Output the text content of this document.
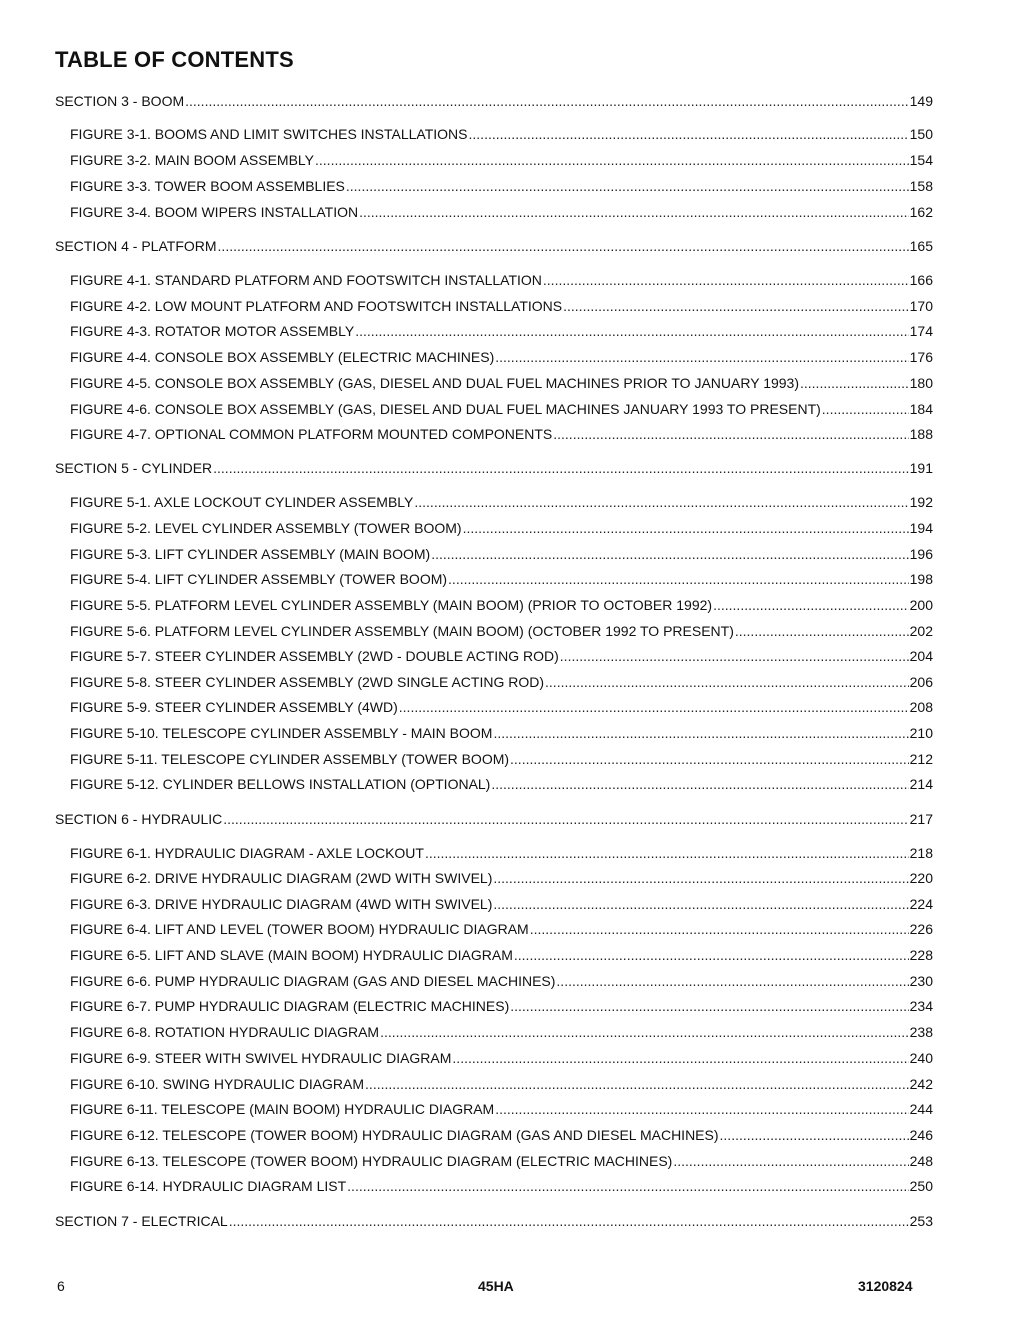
TABLE OF CONTENTS
SECTION 3 - BOOM .....	149
FIGURE 3-1. BOOMS AND LIMIT SWITCHES INSTALLATIONS .....	150
FIGURE 3-2. MAIN BOOM ASSEMBLY .....	154
FIGURE 3-3. TOWER BOOM ASSEMBLIES .....	158
FIGURE 3-4. BOOM WIPERS INSTALLATION .....	162
SECTION 4 - PLATFORM .....	165
FIGURE 4-1. STANDARD PLATFORM AND FOOTSWITCH INSTALLATION .....	166
FIGURE 4-2. LOW MOUNT PLATFORM AND FOOTSWITCH INSTALLATIONS .....	170
FIGURE 4-3. ROTATOR MOTOR ASSEMBLY .....	174
FIGURE 4-4. CONSOLE BOX ASSEMBLY (ELECTRIC MACHINES) .....	176
FIGURE 4-5. CONSOLE BOX ASSEMBLY (GAS, DIESEL AND DUAL FUEL MACHINES PRIOR TO JANUARY 1993) .....	180
FIGURE 4-6. CONSOLE BOX ASSEMBLY (GAS, DIESEL AND DUAL FUEL MACHINES JANUARY 1993 TO PRESENT) .....	184
FIGURE 4-7. OPTIONAL COMMON PLATFORM MOUNTED COMPONENTS .....	188
SECTION 5 - CYLINDER .....	191
FIGURE 5-1. AXLE LOCKOUT CYLINDER ASSEMBLY .....	192
FIGURE 5-2. LEVEL CYLINDER ASSEMBLY (TOWER BOOM) .....	194
FIGURE 5-3. LIFT CYLINDER ASSEMBLY (MAIN BOOM) .....	196
FIGURE 5-4. LIFT CYLINDER ASSEMBLY (TOWER BOOM) .....	198
FIGURE 5-5. PLATFORM LEVEL CYLINDER ASSEMBLY (MAIN BOOM) (PRIOR TO OCTOBER 1992) .....	200
FIGURE 5-6. PLATFORM LEVEL CYLINDER ASSEMBLY (MAIN BOOM) (OCTOBER 1992 TO PRESENT) .....	202
FIGURE 5-7. STEER CYLINDER ASSEMBLY (2WD - DOUBLE ACTING ROD) .....	204
FIGURE 5-8. STEER CYLINDER ASSEMBLY (2WD SINGLE ACTING ROD) .....	206
FIGURE 5-9. STEER CYLINDER ASSEMBLY (4WD) .....	208
FIGURE 5-10. TELESCOPE CYLINDER ASSEMBLY - MAIN BOOM .....	210
FIGURE 5-11. TELESCOPE CYLINDER ASSEMBLY (TOWER BOOM) .....	212
FIGURE 5-12. CYLINDER BELLOWS INSTALLATION (OPTIONAL) .....	214
SECTION 6 - HYDRAULIC .....	217
FIGURE 6-1. HYDRAULIC DIAGRAM - AXLE LOCKOUT .....	218
FIGURE 6-2. DRIVE HYDRAULIC DIAGRAM (2WD WITH SWIVEL) .....	220
FIGURE 6-3. DRIVE HYDRAULIC DIAGRAM (4WD WITH SWIVEL) .....	224
FIGURE 6-4. LIFT AND LEVEL (TOWER BOOM) HYDRAULIC DIAGRAM .....	226
FIGURE 6-5. LIFT AND SLAVE (MAIN BOOM) HYDRAULIC DIAGRAM .....	228
FIGURE 6-6. PUMP HYDRAULIC DIAGRAM (GAS AND DIESEL MACHINES) .....	230
FIGURE 6-7. PUMP HYDRAULIC DIAGRAM (ELECTRIC MACHINES) .....	234
FIGURE 6-8. ROTATION HYDRAULIC DIAGRAM .....	238
FIGURE 6-9. STEER WITH SWIVEL HYDRAULIC DIAGRAM .....	240
FIGURE 6-10. SWING HYDRAULIC DIAGRAM .....	242
FIGURE 6-11. TELESCOPE (MAIN BOOM) HYDRAULIC DIAGRAM .....	244
FIGURE 6-12. TELESCOPE (TOWER BOOM) HYDRAULIC DIAGRAM (GAS AND DIESEL MACHINES) .....	246
FIGURE 6-13. TELESCOPE (TOWER BOOM) HYDRAULIC DIAGRAM (ELECTRIC MACHINES) .....	248
FIGURE 6-14. HYDRAULIC DIAGRAM LIST .....	250
SECTION 7 - ELECTRICAL .....	253
6	45HA	3120824
